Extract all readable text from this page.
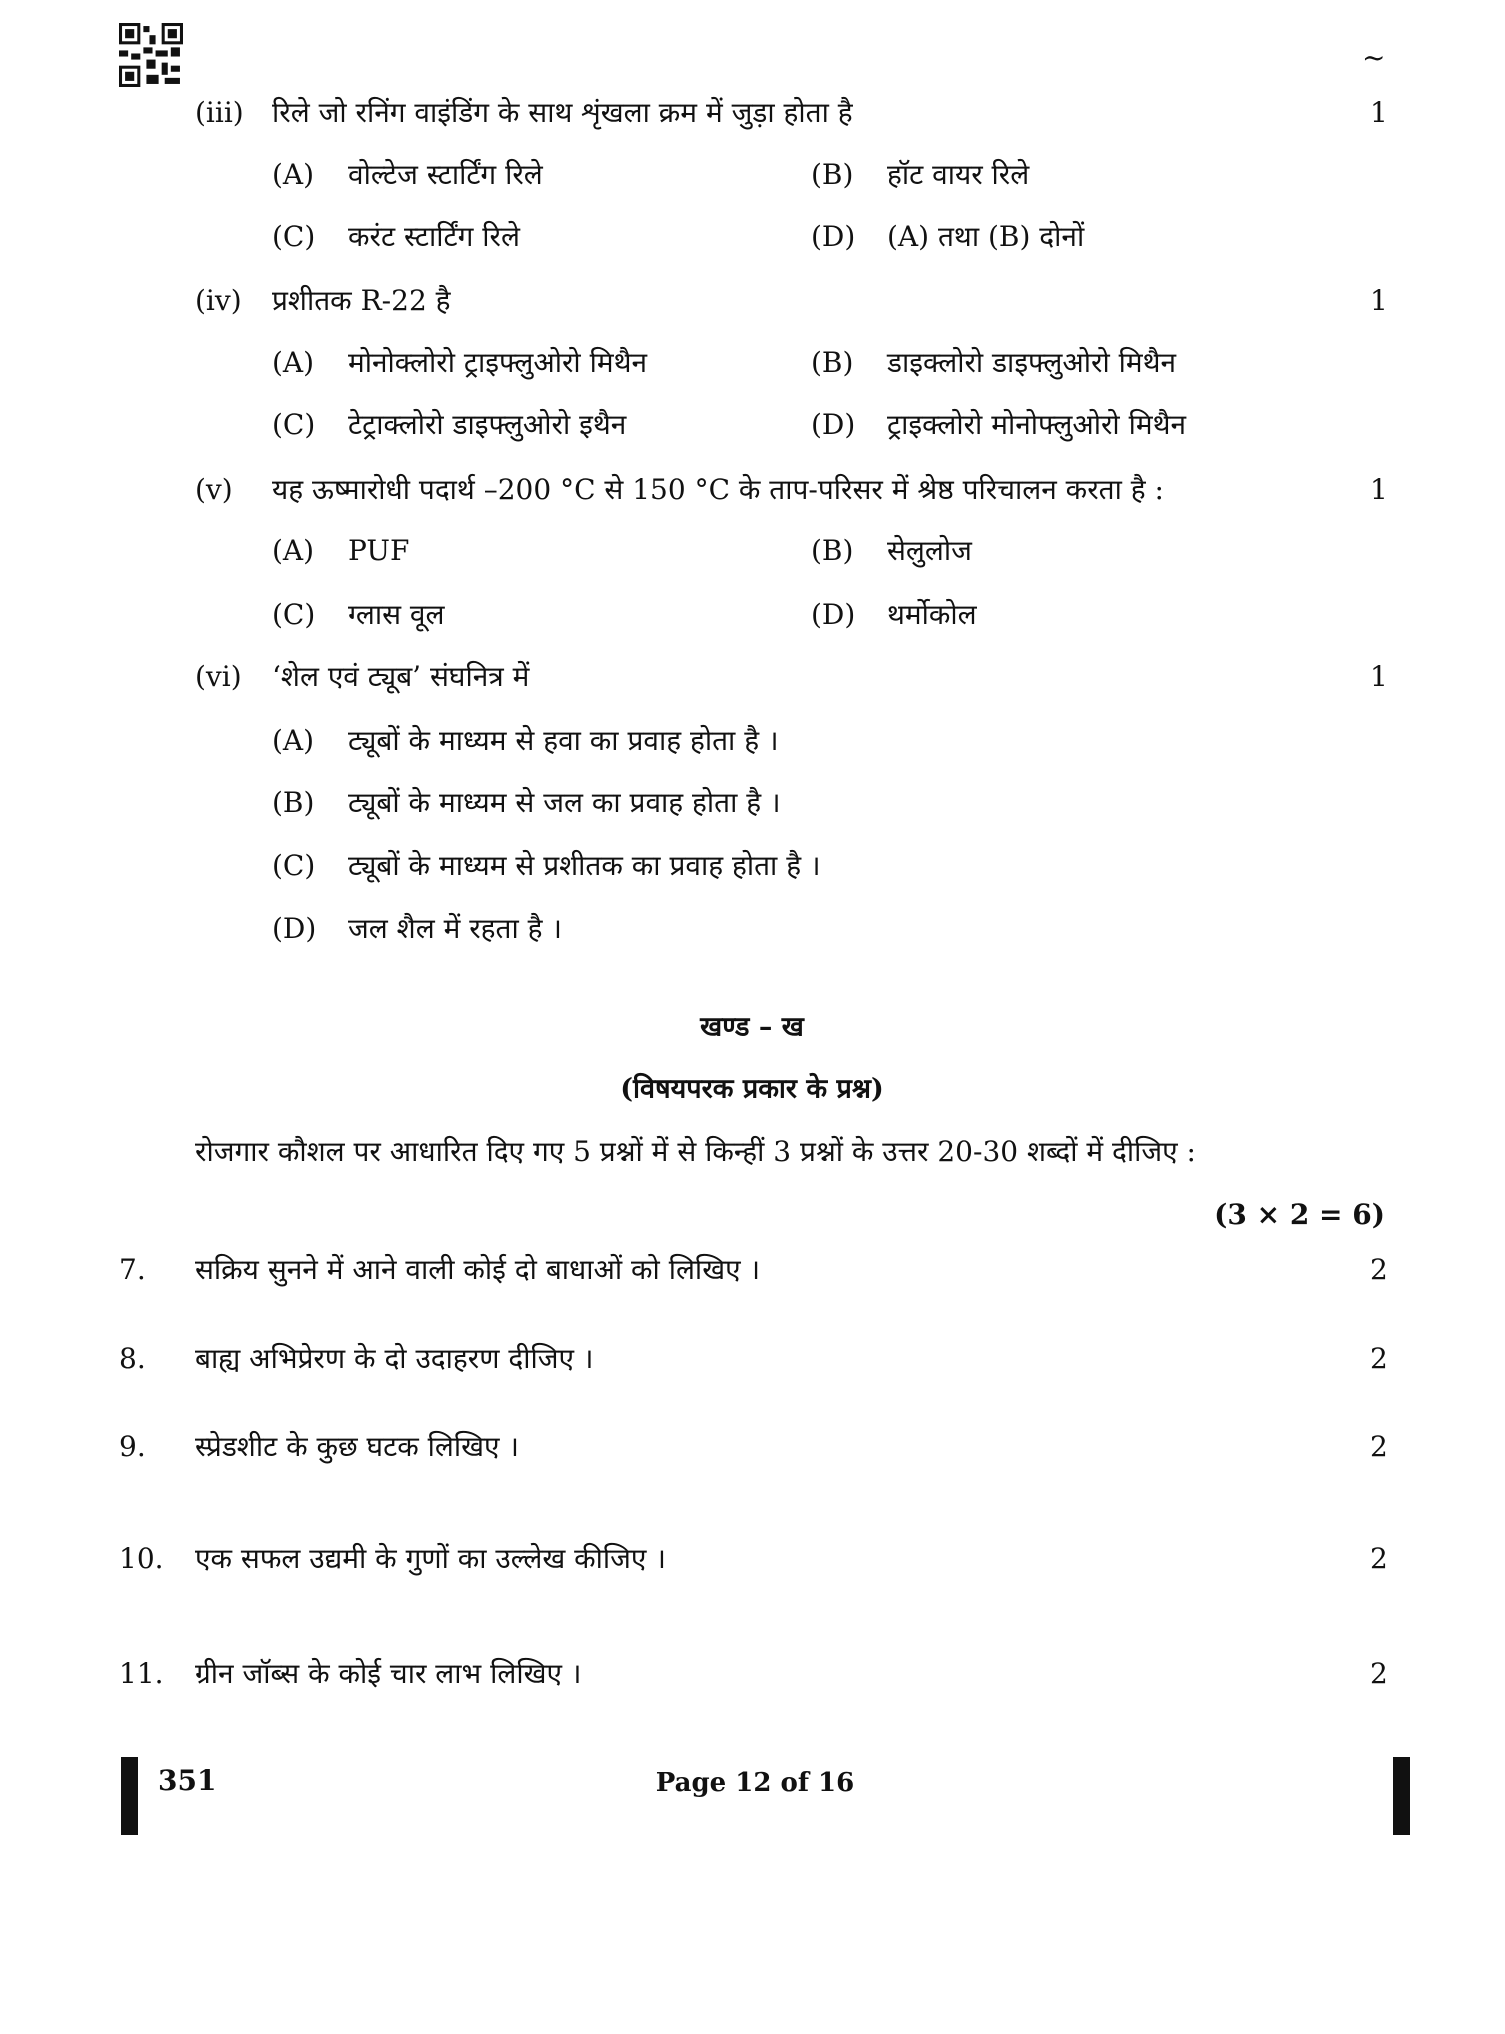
~
(iii) रिले जो रनिंग वाइंडिंग के साथ शृंखला क्रम में जुड़ा होता है	1
(A) वोल्टेज स्टार्टिंग रिले	(B) हॉट वायर रिले
(C) करंट स्टार्टिंग रिले	(D) (A) तथा (B) दोनों
(iv) प्रशीतक R-22 है	1
(A) मोनोक्लोरो ट्राइफ्लुओरो मिथैन	(B) डाइक्लोरो डाइफ्लुओरो मिथैन
(C) टेट्राक्लोरो डाइफ्लुओरो इथैन	(D) ट्राइक्लोरो मोनोफ्लुओरो मिथैन
(v) यह ऊष्मारोधी पदार्थ –200 °C से 150 °C के ताप-परिसर में श्रेष्ठ परिचालन करता है :	1
(A) PUF	(B) सेलुलोज
(C) ग्लास वूल	(D) थर्मोकोल
(vi) ‘शेल एवं ट्यूब’ संघनित्र में	1
(A) ट्यूबों के माध्यम से हवा का प्रवाह होता है ।
(B) ट्यूबों के माध्यम से जल का प्रवाह होता है ।
(C) ट्यूबों के माध्यम से प्रशीतक का प्रवाह होता है ।
(D) जल शैल में रहता है ।
खण्ड – ख
(विषयपरक प्रकार के प्रश्न)
रोजगार कौशल पर आधारित दिए गए 5 प्रश्नों में से किन्हीं 3 प्रश्नों के उत्तर 20-30 शब्दों में दीजिए :
(3 × 2 = 6)
7. सक्रिय सुनने में आने वाली कोई दो बाधाओं को लिखिए ।	2
8. बाह्य अभिप्रेरण के दो उदाहरण दीजिए ।	2
9. स्प्रेडशीट के कुछ घटक लिखिए ।	2
10. एक सफल उद्यमी के गुणों का उल्लेख कीजिए ।	2
11. ग्रीन जॉब्स के कोई चार लाभ लिखिए ।	2
351	Page 12 of 16
